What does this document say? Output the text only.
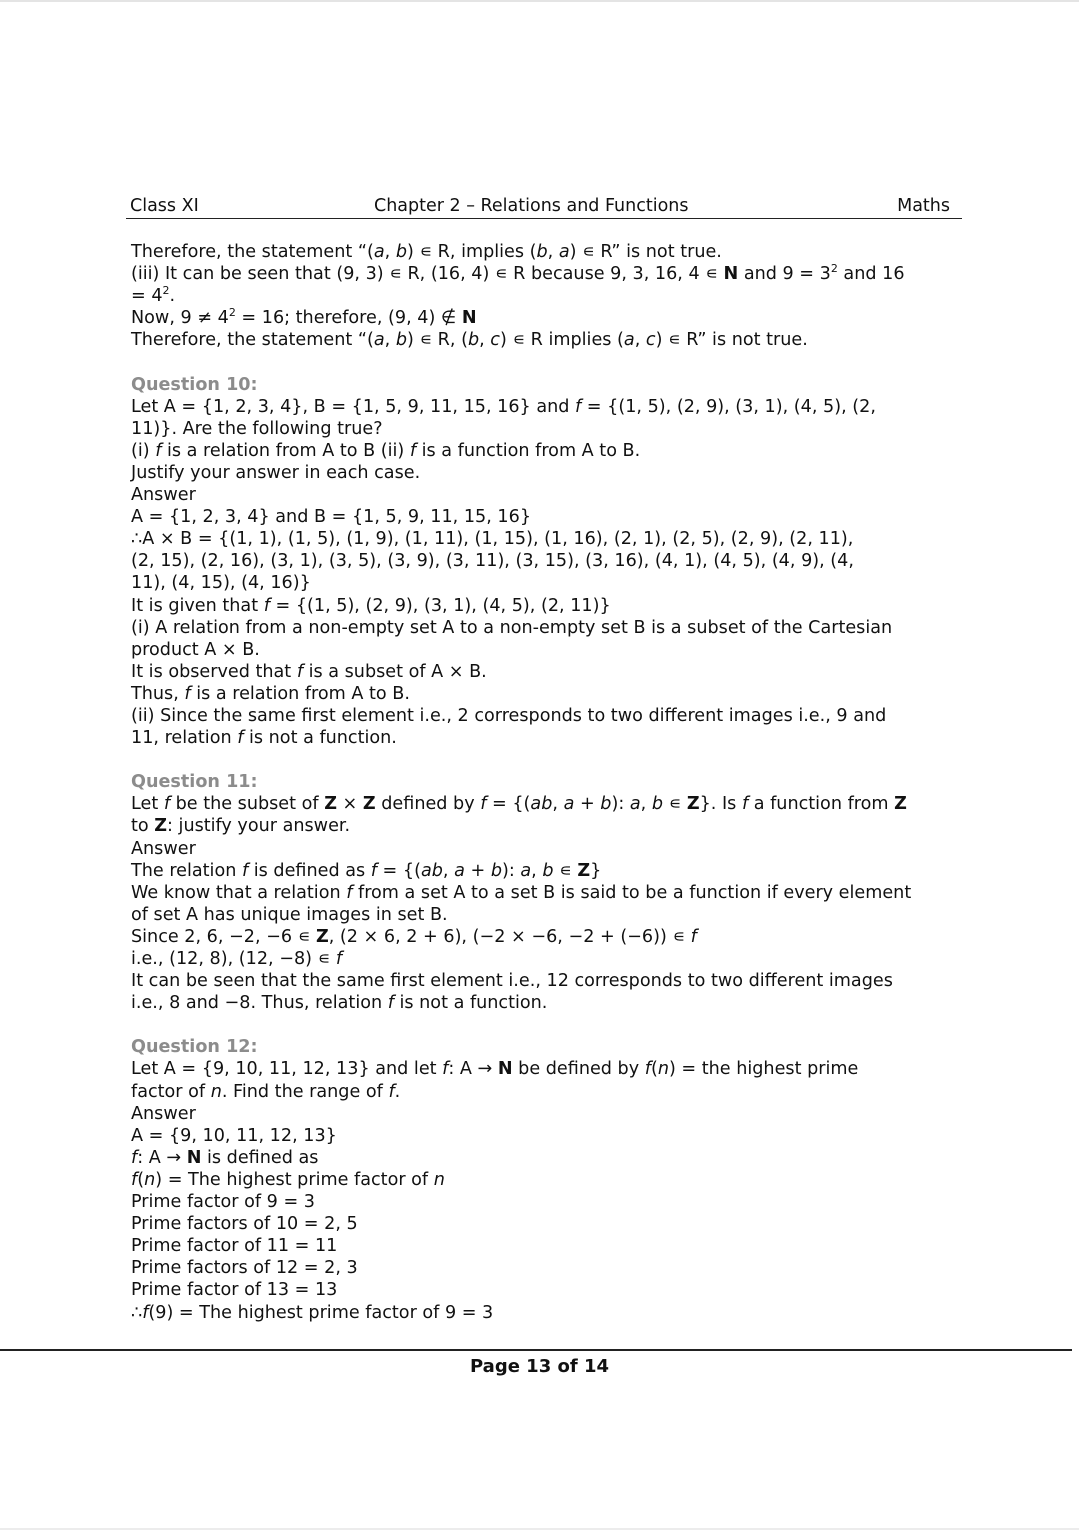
Class XI	Chapter 2 – Relations and Functions	Maths
Therefore, the statement “(a, b) ∊ R, implies (b, a) ∊ R” is not true.
(iii) It can be seen that (9, 3) ∊ R, (16, 4) ∊ R because 9, 3, 16, 4 ∊ N and $9 = 3^2$ and 16
= $4^2$.
Now, $9 \ne 4^2 = 16$; therefore, (9, 4) ∉ N
Therefore, the statement “(a, b) ∊ R, (b, c) ∊ R implies (a, c) ∊ R” is not true.
Question 10:
Let A = {1, 2, 3, 4}, B = {1, 5, 9, 11, 15, 16} and f = {(1, 5), (2, 9), (3, 1), (4, 5), (2,
11)}. Are the following true?
(i) f is a relation from A to B (ii) f is a function from A to B.
Justify your answer in each case.
Answer
A = {1, 2, 3, 4} and B = {1, 5, 9, 11, 15, 16}
∴A × B = {(1, 1), (1, 5), (1, 9), (1, 11), (1, 15), (1, 16), (2, 1), (2, 5), (2, 9), (2, 11),
(2, 15), (2, 16), (3, 1), (3, 5), (3, 9), (3, 11), (3, 15), (3, 16), (4, 1), (4, 5), (4, 9), (4,
11), (4, 15), (4, 16)}
It is given that f = {(1, 5), (2, 9), (3, 1), (4, 5), (2, 11)}
(i) A relation from a non-empty set A to a non-empty set B is a subset of the Cartesian
product A × B.
It is observed that f is a subset of A × B.
Thus, f is a relation from A to B.
(ii) Since the same first element i.e., 2 corresponds to two different images i.e., 9 and
11, relation f is not a function.
Question 11:
Let f be the subset of Z × Z defined by f = {(ab, a + b): a, b ∊ Z}. Is f a function from Z
to Z: justify your answer.
Answer
The relation f is defined as f = {(ab, a + b): a, b ∊ Z}
We know that a relation f from a set A to a set B is said to be a function if every element
of set A has unique images in set B.
Since 2, 6, −2, −6 ∊ Z, (2 × 6, 2 + 6), (−2 × −6, −2 + (−6)) ∊ f
i.e., (12, 8), (12, −8) ∊ f
It can be seen that the same first element i.e., 12 corresponds to two different images
i.e., 8 and −8. Thus, relation f is not a function.
Question 12:
Let A = {9, 10, 11, 12, 13} and let f: A → N be defined by f(n) = the highest prime
factor of n. Find the range of f.
Answer
A = {9, 10, 11, 12, 13}
f: A → N is defined as
f(n) = The highest prime factor of n
Prime factor of 9 = 3
Prime factors of 10 = 2, 5
Prime factor of 11 = 11
Prime factors of 12 = 2, 3
Prime factor of 13 = 13
∴f(9) = The highest prime factor of 9 = 3
Page 13 of 14
